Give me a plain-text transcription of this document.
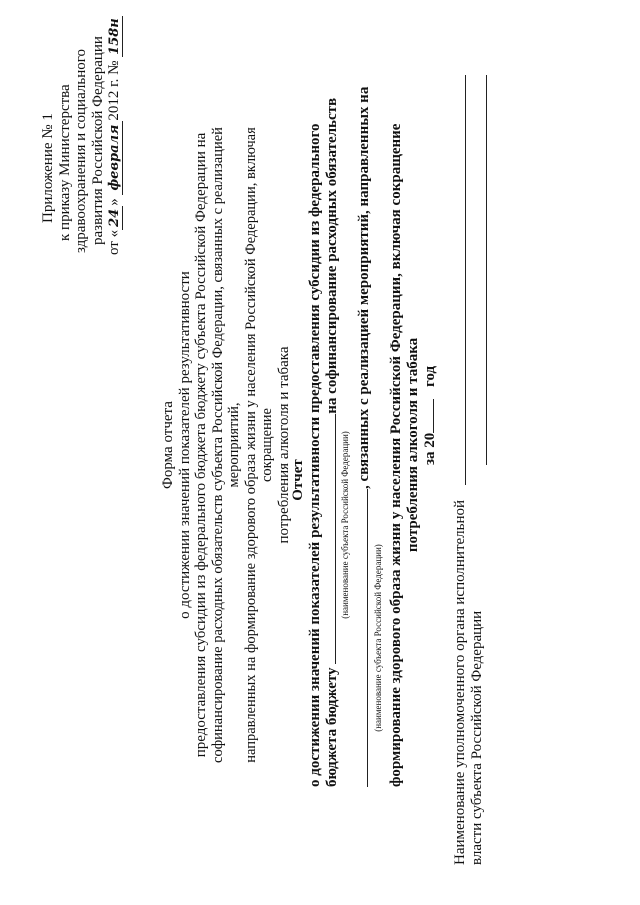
Приложение № 1 к приказу Министерства здравоохранения и социального развития Российской Федерации от «24» февраля2012 г. № 158н
Форма отчета о достижении значений показателей результативности предоставления субсидии из федерального бюджета бюджету субъекта Российской Федерации на софинансирование расходных обязательств субъекта Российской Федерации, связанных с реализацией мероприятий, направленных на формирование здорового образа жизни у населения Российской Федерации, включая сокращение потребления алкоголя и табака
Отчет о достижении значений показателей результативности предоставления субсидии из федерального бюджета бюджету на софинансирование расходных обязательств
(наименование субъекта Российской Федерации)
, связанных с реализацией мероприятий, направленных на
(наименование субъекта Российской Федерации) формирование здорового образа жизни у населения Российской Федерации, включая сокращение потребления алкоголя и табака за 20 год
Наименование уполномоченного органа исполнительной власти субъекта Российской Федерации
